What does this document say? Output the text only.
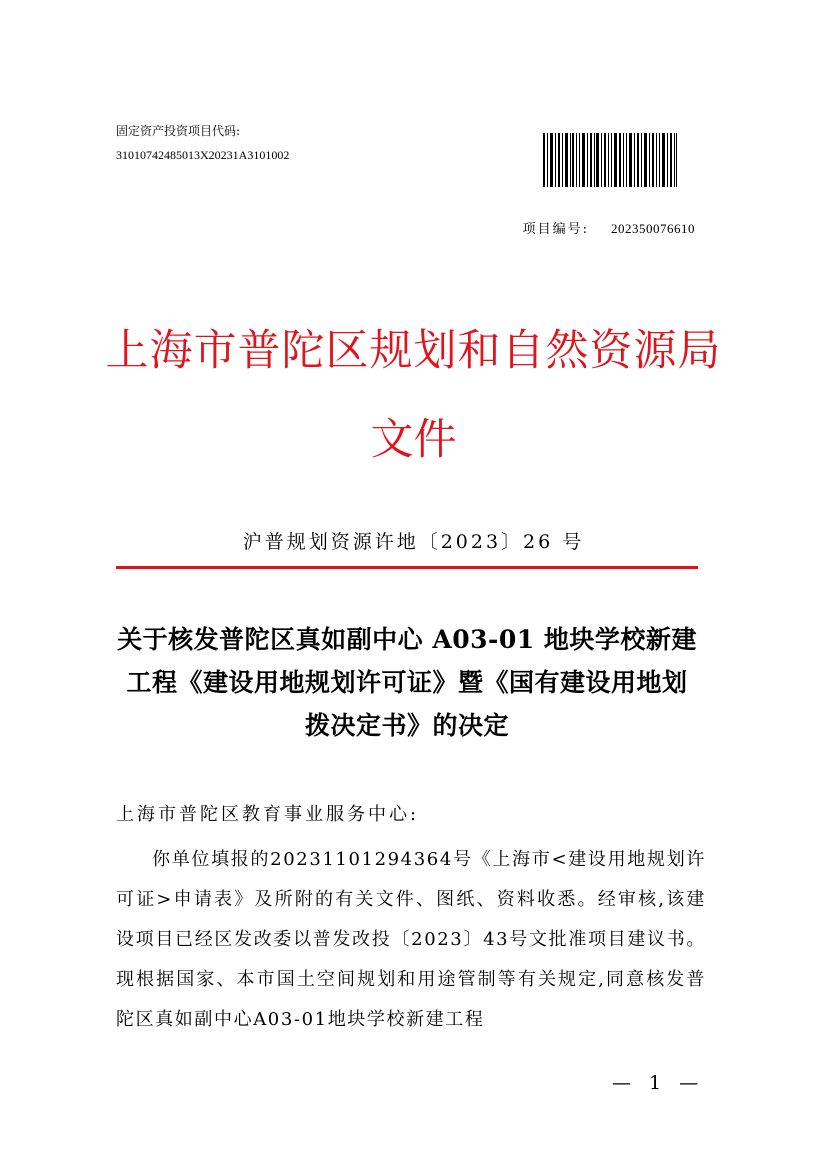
固定资产投资项目代码:
31010742485013X20231A3101002
项目编号: 202350076610
上海市普陀区规划和自然资源局
文件
沪普规划资源许地〔2023〕26 号
关于核发普陀区真如副中心 A03-01 地块学校新建工程《建设用地规划许可证》暨《国有建设用地划拨决定书》的决定
上海市普陀区教育事业服务中心:
你单位填报的20231101294364号《上海市<建设用地规划许可证>申请表》及所附的有关文件、图纸、资料收悉。经审核,该建设项目已经区发改委以普发改投〔2023〕43号文批准项目建议书。现根据国家、本市国土空间规划和用途管制等有关规定,同意核发普陀区真如副中心A03-01地块学校新建工程
— 1 —
